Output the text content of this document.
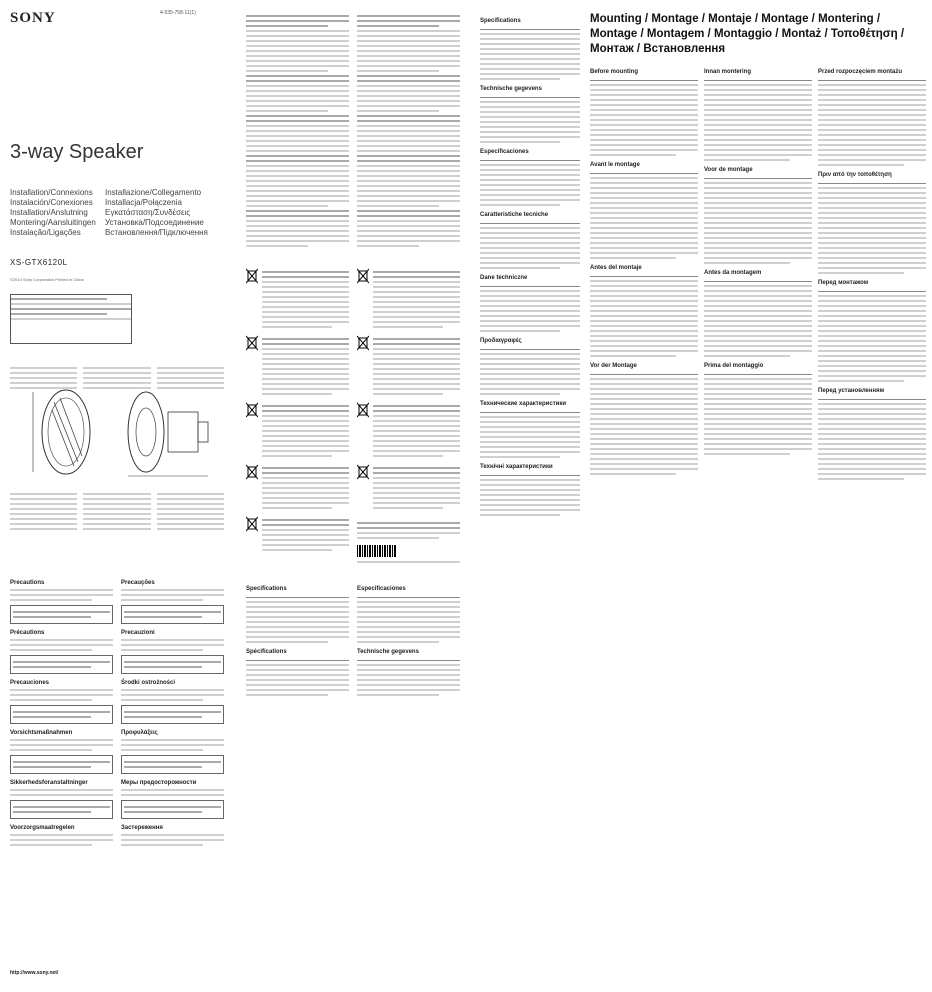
SONY	4-535-758-11(1)
3-way Speaker
Installation/Connexions	Installazione/Collegamento
Instalación/Conexiones	Installacja/Połączenia
Installation/Anslutning	Εγκατάσταση/Συνδέσεις
Montering/Aansluitingen	Установка/Подсоединение
Instalação/Ligações	Встановлення/Підключення
XS-GTX6120L
©2014 Sony Corporation Printed in China
Precautions
Précautions
Precauciones
Vorsichtsmaßnahmen
Sikkerhedsforanstaltninger
Voorzorgsmaatregelen
Precauções
Precauzioni
Środki ostrożności
Προφυλάξεις
Меры предосторожности
Застереження
http://www.sony.net/
Specifications
Spécifications
Especificaciones
Technische gegevens
Specifications
Technische gegevens
Especificaciones
Caratteristiche tecniche
Dane techniczne
Προδιαγραφές
Технические характеристики
Технічні характеристики
Mounting / Montage / Montaje / Montage / Montering / Montage / Montagem / Montaggio / Montaż / Τοποθέτηση / Монтаж / Встановлення
Before mounting
Avant le montage
Antes del montaje
Vor der Montage
Innan montering
Voor de montage
Antes da montagem
Prima del montaggio
Przed rozpoczęciem montażu
Πριν από την τοποθέτηση
Перед монтажом
Перед установленням
